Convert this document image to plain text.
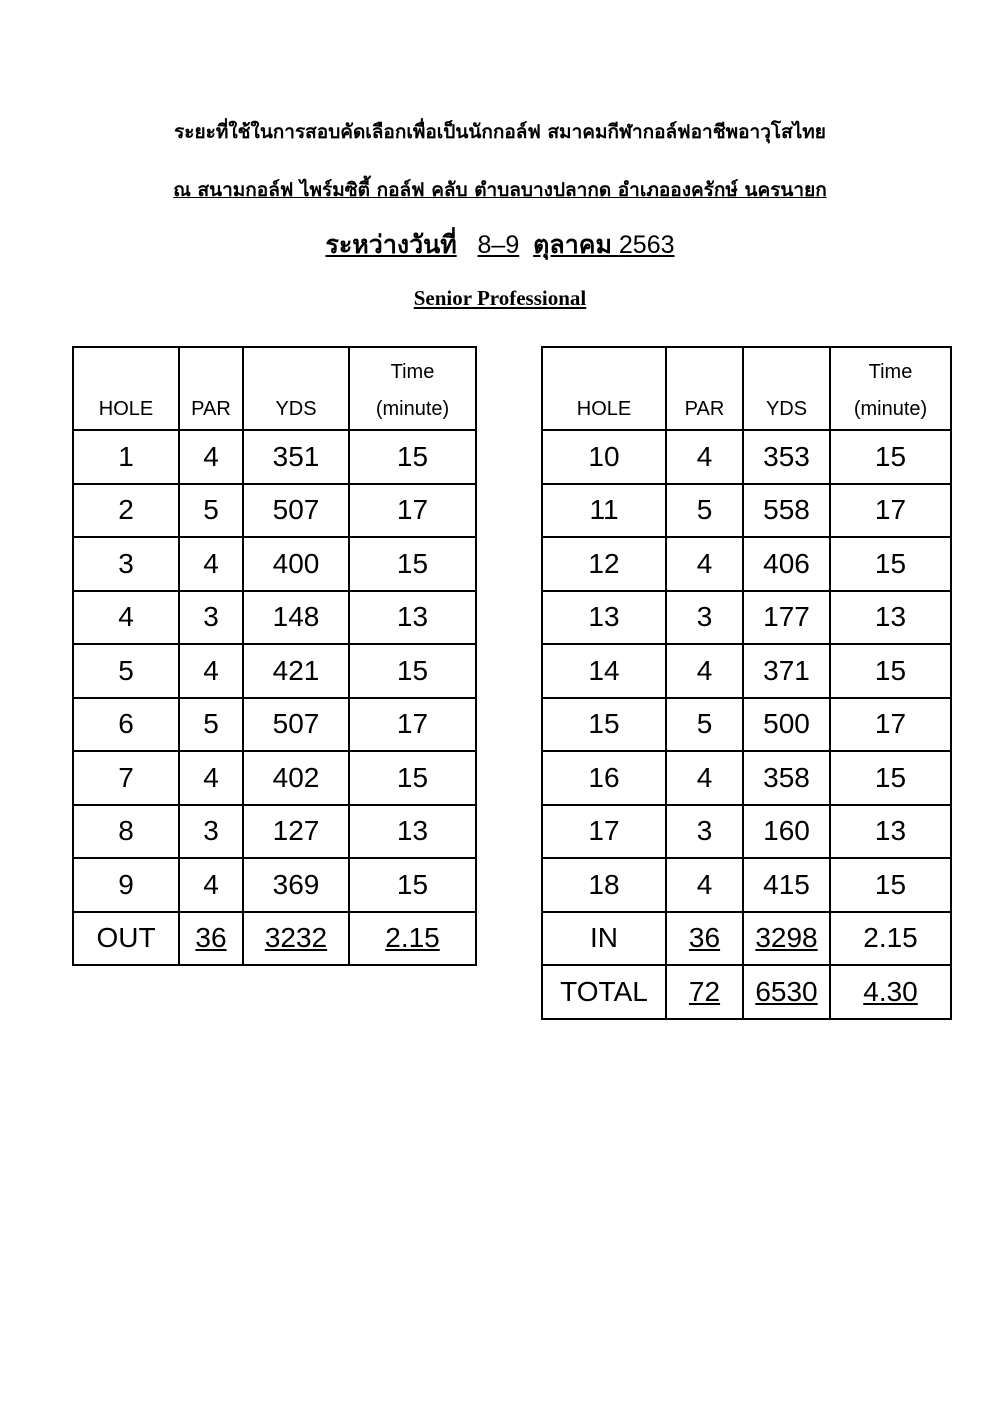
ระยะที่ใช้ในการสอบคัดเลือกเพื่อเป็นนักกอล์ฟ สมาคมกีฬากอล์ฟอาชีพอาวุโสไทย
ณ สนามกอล์ฟ ไพร์มซิตี้ กอล์ฟ คลับ ตำบลบางปลากด อำเภอองครักษ์ นครนายก
ระหว่างวันที่ 8–9 ตุลาคม 2563
Senior Professional
HOLE	PAR	YDS	Time
(minute)
1	4	351	15
2	5	507	17
3	4	400	15
4	3	148	13
5	4	421	15
6	5	507	17
7	4	402	15
8	3	127	13
9	4	369	15
OUT	36	3232	2.15
HOLE	PAR	YDS	Time
(minute)
10	4	353	15
11	5	558	17
12	4	406	15
13	3	177	13
14	4	371	15
15	5	500	17
16	4	358	15
17	3	160	13
18	4	415	15
IN	36	3298	2.15
TOTAL	72	6530	4.30
